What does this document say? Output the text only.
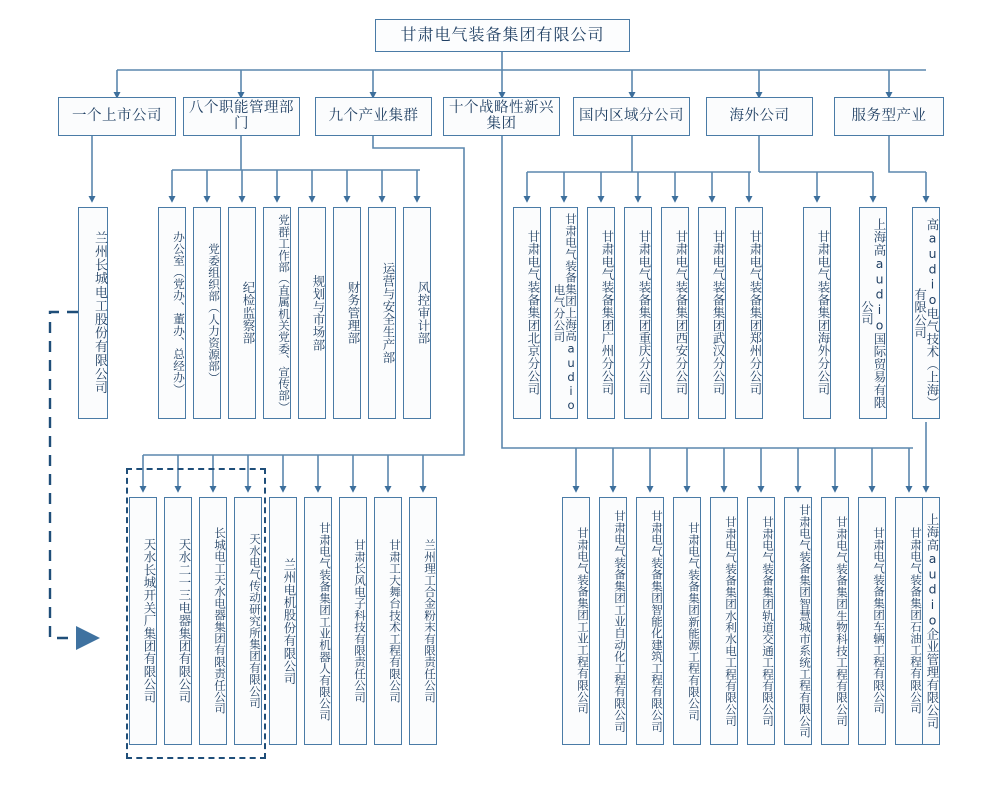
甘肃电气装备集团有限公司
一个上市公司	八个职能管理部门	九个产业集群	十个战略性新兴集团	国内区域分公司	海外公司	服务型产业
兰州长城电工股份有限公司	办公室（党办、董办、总经办） 党委组织部（人力资源部） 纪检监察部 党群工作部（直属机关党委、宣传部） 规划与市场部 财务管理部 运营与安全生产部 风控审计部	甘肃电气装备集团北京分公司	甘肃电气装备集团上海高audio电气分公司	甘肃电气装备集团广州分公司 甘肃电气装备集团重庆分公司 甘肃电气装备集团西安分公司 甘肃电气装备集团武汉分公司 甘肃电气装备集团郑州分公司	甘肃电气装备集团海外分公司	上海高audio国际贸易有限公司	高audio电气技术（上海）有限公司
上海高audio企业管理有限公司
天水长城开关厂集团有限公司 天水二一三电器集团有限公司 长城电工天水电器集团有限责任公司 天水电气传动研究所集团有限公司 兰州电机股份有限公司 甘肃电气装备集团工业机器人有限公司 甘肃长风电子科技有限责任公司 甘肃工大舞台技术工程有限公司 兰州理工合金粉末有限责任公司	甘肃电气装备集团工业工程有限公司 甘肃电气装备集团工业自动化工程有限公司 甘肃电气装备集团智能化建筑工程有限公司 甘肃电气装备集团新能源工程有限公司 甘肃电气装备集团水利水电工程有限公司 甘肃电气装备集团轨道交通工程有限公司 甘肃电气装备集团智慧城市系统工程有限公司 甘肃电气装备集团生物科技工程有限公司 甘肃电气装备集团车辆工程有限公司 甘肃电气装备集团石油工程有限公司
